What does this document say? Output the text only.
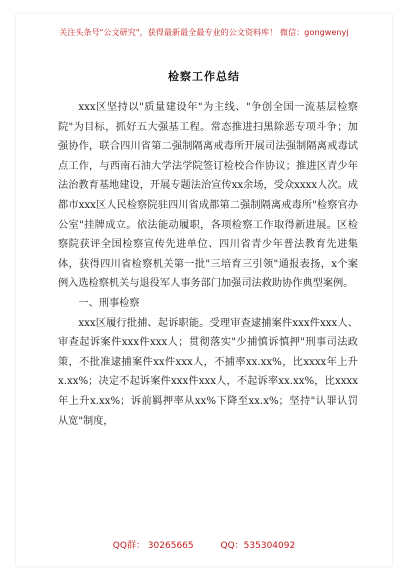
关注头条号"公文研究"，获得最新最全最专业的公文资料库！ 微信：gongwenyj
检察工作总结

xxx区坚持以"质量建设年"为主线、"争创全国一流基层检察院"为目标，抓好五大强基工程。常态推进扫黑除恶专项斗争；加强协作，联合四川省第二强制隔离戒毒所开展司法强制隔离戒毒试点工作，与西南石油大学法学院签订检校合作协议；推进区青少年法治教育基地建设，开展专题法治宣传xx余场，受众xxxx人次。成都市xxx区人民检察院驻四川省成都第二强制隔离戒毒所"检察官办公室"挂牌成立。依法能动履职，各项检察工作取得新进展。区检察院获评全国检察宣传先进单位、四川省青少年普法教育先进集体，获得四川省检察机关第一批"三培育三引领"通报表扬，x个案例入选检察机关与退役军人事务部门加强司法救助协作典型案例。

一、刑事检察

xxx区履行批捕、起诉职能。受理审查逮捕案件xxx件xxx人、审查起诉案件xxx件xxx人；贯彻落实"少捕慎诉慎押"刑事司法政策，不批准逮捕案件xx件xxx人，不捕率xx.xx%，比xxxx年上升x.xx%；决定不起诉案件xxx件xxx人，不起诉率xx.xx%，比xxxx年上升x.xx%；诉前羁押率从xx%下降至xx.x%；坚持"认罪认罚从宽"制度，

QQ群： 30265665	QQ：535304092
